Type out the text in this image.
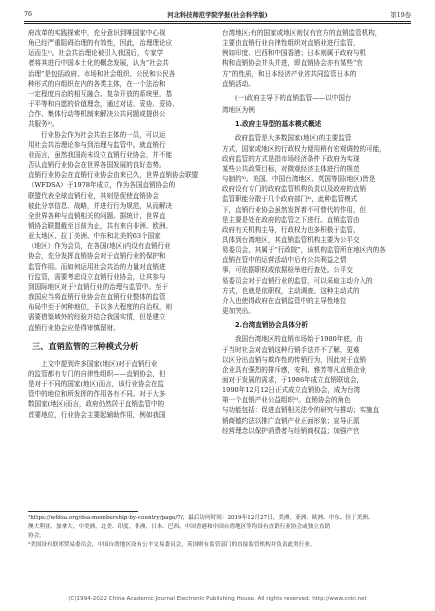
76	河北科技师范学院学报(社会科学版)	第19卷
府改革的实践探索中，充分意识到唯国家中心视
角已经严重阻碍治理的有效性，因此，治理理论应
运而生¹⁾。社会共治理论被引入我国后，专家学
者将其进行中国本土化的概念发展，认为“社会共
治理”是包括政府、市场和社会组织、公民和公民各
种形式的自组织在内的各类主体，在一个法治和
一定程度自治的相互融合、复杂开放的系统里，基
于平等和自愿的价值理念，通过对话、妥协、妥协、
合作、集体行动等机制来解决公共问题或提供公
共服务²⁾。
行业协会作为社会共治主体的一员，可以运
用社会共治理论参与到治理与监管中。就直销行
业而言，虽然我国尚未设立直销行业协会，并不能
否认直销行业协会在世界各国发展的良好态势。
直销行业协会在直销行业协会由来已久，世界直销协会联盟
（WFDSA）于1978年成立，作为各国直销协会的
联盟代表全球直销行业，其则是促使直销协会
彼此分享信息、战略，并进行行为规范，从而解决
全世界各种与直销相关的问题。据统计，世界直
销协会联盟截至目前为止，共有来自非洲、欧洲、
亚太地区、拉丁美洲、中东和北美的63个国家
（地区）作为会员，在各国(地区)内设有直销行业
协会，充分发挥直销协会对于直销行业的保护和
监管作用。而如何运用社会共治的力量对直销进
行监管，需要考虑设立直销行业协会，让其参与
到国际地区对于¹直销行业的治理与监管中。至于
我国应当将直销行业协会在直销行业整体的监管
布局中至于何种地位，予以多大程度的自治权，则
需要借鉴域外的经验并结合我国实情，但是建立
直销行业协会应是得审慎留财。
三、直销监管的三种模式分析
上文中提到许多国家(地区)对于直销行业
的监管都有专门的自律性组织——直销协会，但
是对于不同的国家(地区)而言，该行业协会在监
管中的地位和所发挥的作用各有不同。对于大多
数国家(地区)而言，政府仍然居于直销监管中的
首要地位，行业协会主要起辅助作用，例如我国
台湾地区;有的国家或地区则仅有官方的直销监管机构，
主要由直销行业自律性组织对直销业进行监管，
例如印度、巴西和中国香港；日本则属于政府与机
构和直销协会并头并进，即直销协会亦有某些“官
方”的性质，和日本经济产业省共同监管日本的
直销活动。
(一)政府主导下的直销监管——以中国台
湾地区为例
1.政府主导型的基本模式概述
政府监管是大多数国家(地区)的主要监管
方式，国家或地区的行政权力便用稍有宏观调控的可能，
政府监管的方式是指市场经济条件下政府为实现
某些公共政策目标，对微观经济主体进行的规范
与制约³⁾。美国、中国台湾地区、英国等国(地区)皆是
政府设有专门的政府监管机构负责以及政府的直销
监管职能分散于几个政府部门⁴⁾，此种监管模式
下，直销行业协会虽然发挥着不可替代的作用，但
是主要是处在政府的监管之下进行。直销监管由
政府有关机构主导，行政权力也多积极于监管，
具体到台湾地区，其直销监管机构主要为公平交
易委员会，其属于“行政院”，该机构监管所在地区内的各
直销在管中的运营活动中后有公共利益之情
事，可依据职权或依据检举进行查处。公平交
易委员会对于直销行业的监管，可以采取主动介入的
方式，也就是依职权，主动调查、这种主动式的
介入也使得政府在直销监管中的主导性地位
更加突出。
2.台湾直销协会具体分析
我国台湾地区的直销市场始于1980年底，由
于当时社会对直销这种行销手法并不了解，更难
以区分出直销与欺诈性的传销行为，因此对于直销
企业具有强烈的排斥感，安利、雅芳等凡直销企业
面对于发展的需求，于1986年成立直销联谊会，
1990年12月12日正式成立直销协会，成为台湾
第一个直销产业公益组织⁵⁾。直销协会的角色
与功能包括：促进直销相关法令的研究与推动；实施直
销商德约法以推广直销产业正面形象；宣导正派
经营理念以保护消费者与经销商权益；加强产官

¹https://wfdsa.org/dsa-membership-by-country/page/7/，最后访问时间：2019年12月27日，美洲、亚洲、欧洲、中东、拉丁美洲、

澳大利亚、加拿大、中美洲、北美、印度、非洲、日本、巴西、中国香港和中国台湾地区等均设有直销行业协会或独立直销

协会。

²美国设有联邦贸易委员会，中国台湾地区设有公平交易委员会，英国则有监管部门的直接监管机构并负责此类行业。

(C)1994-2022 China Academic Journal Electronic Publishing House. All rights reserved. http://www.cnki.net
